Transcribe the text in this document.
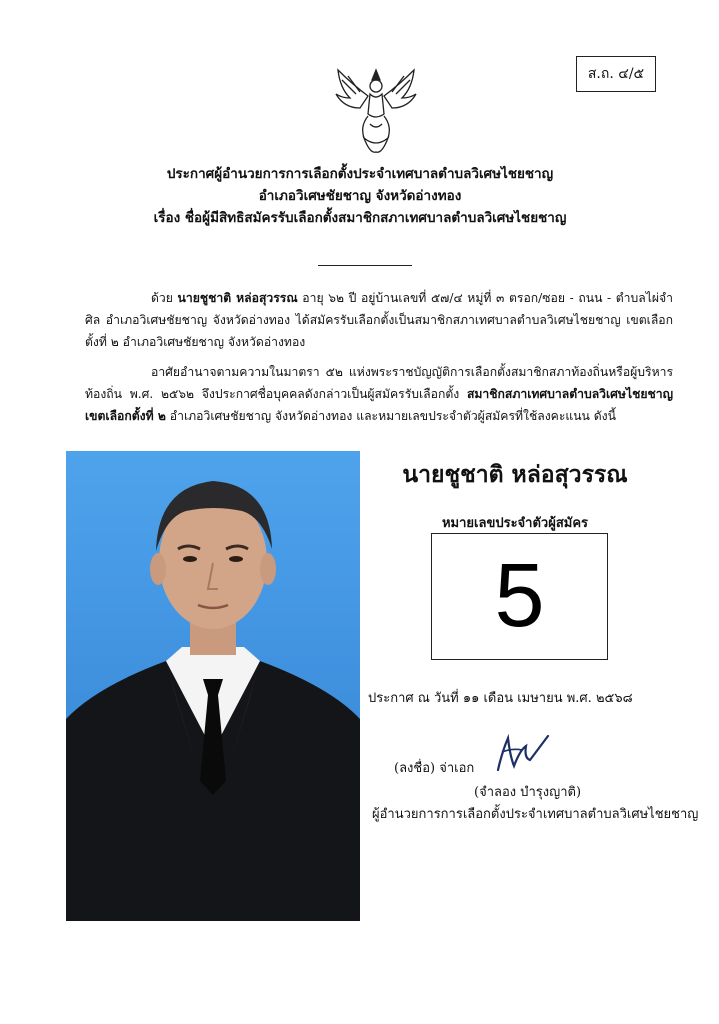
ส.ถ. ๔/๕
ประกาศผู้อำนวยการการเลือกตั้งประจำเทศบาลตำบลวิเศษไชยชาญ
อำเภอวิเศษชัยชาญ จังหวัดอ่างทอง
เรื่อง ชื่อผู้มีสิทธิสมัครรับเลือกตั้งสมาชิกสภาเทศบาลตำบลวิเศษไชยชาญ
ด้วย นายชูชาติ หล่อสุวรรณ อายุ ๖๒ ปี อยู่บ้านเลขที่ ๕๗/๔ หมู่ที่ ๓ ตรอก/ซอย - ถนน - ตำบลไผ่จำศิล อำเภอวิเศษชัยชาญ จังหวัดอ่างทอง ได้สมัครรับเลือกตั้งเป็นสมาชิกสภาเทศบาลตำบลวิเศษไชยชาญ เขตเลือกตั้งที่ ๒ อำเภอวิเศษชัยชาญ จังหวัดอ่างทอง
อาศัยอำนาจตามความในมาตรา ๕๒ แห่งพระราชบัญญัติการเลือกตั้งสมาชิกสภาท้องถิ่นหรือผู้บริหารท้องถิ่น พ.ศ. ๒๕๖๒ จึงประกาศชื่อบุคคลดังกล่าวเป็นผู้สมัครรับเลือกตั้ง สมาชิกสภาเทศบาลตำบลวิเศษไชยชาญ เขตเลือกตั้งที่ ๒ อำเภอวิเศษชัยชาญ จังหวัดอ่างทอง และหมายเลขประจำตัวผู้สมัครที่ใช้ลงคะแนน ดังนี้
นายชูชาติ หล่อสุวรรณ
หมายเลขประจำตัวผู้สมัคร
5
ประกาศ ณ วันที่ ๑๑ เดือน เมษายน พ.ศ. ๒๕๖๘
(ลงชื่อ) จ่าเอก
(จำลอง บำรุงญาติ)
ผู้อำนวยการการเลือกตั้งประจำเทศบาลตำบลวิเศษไชยชาญ
